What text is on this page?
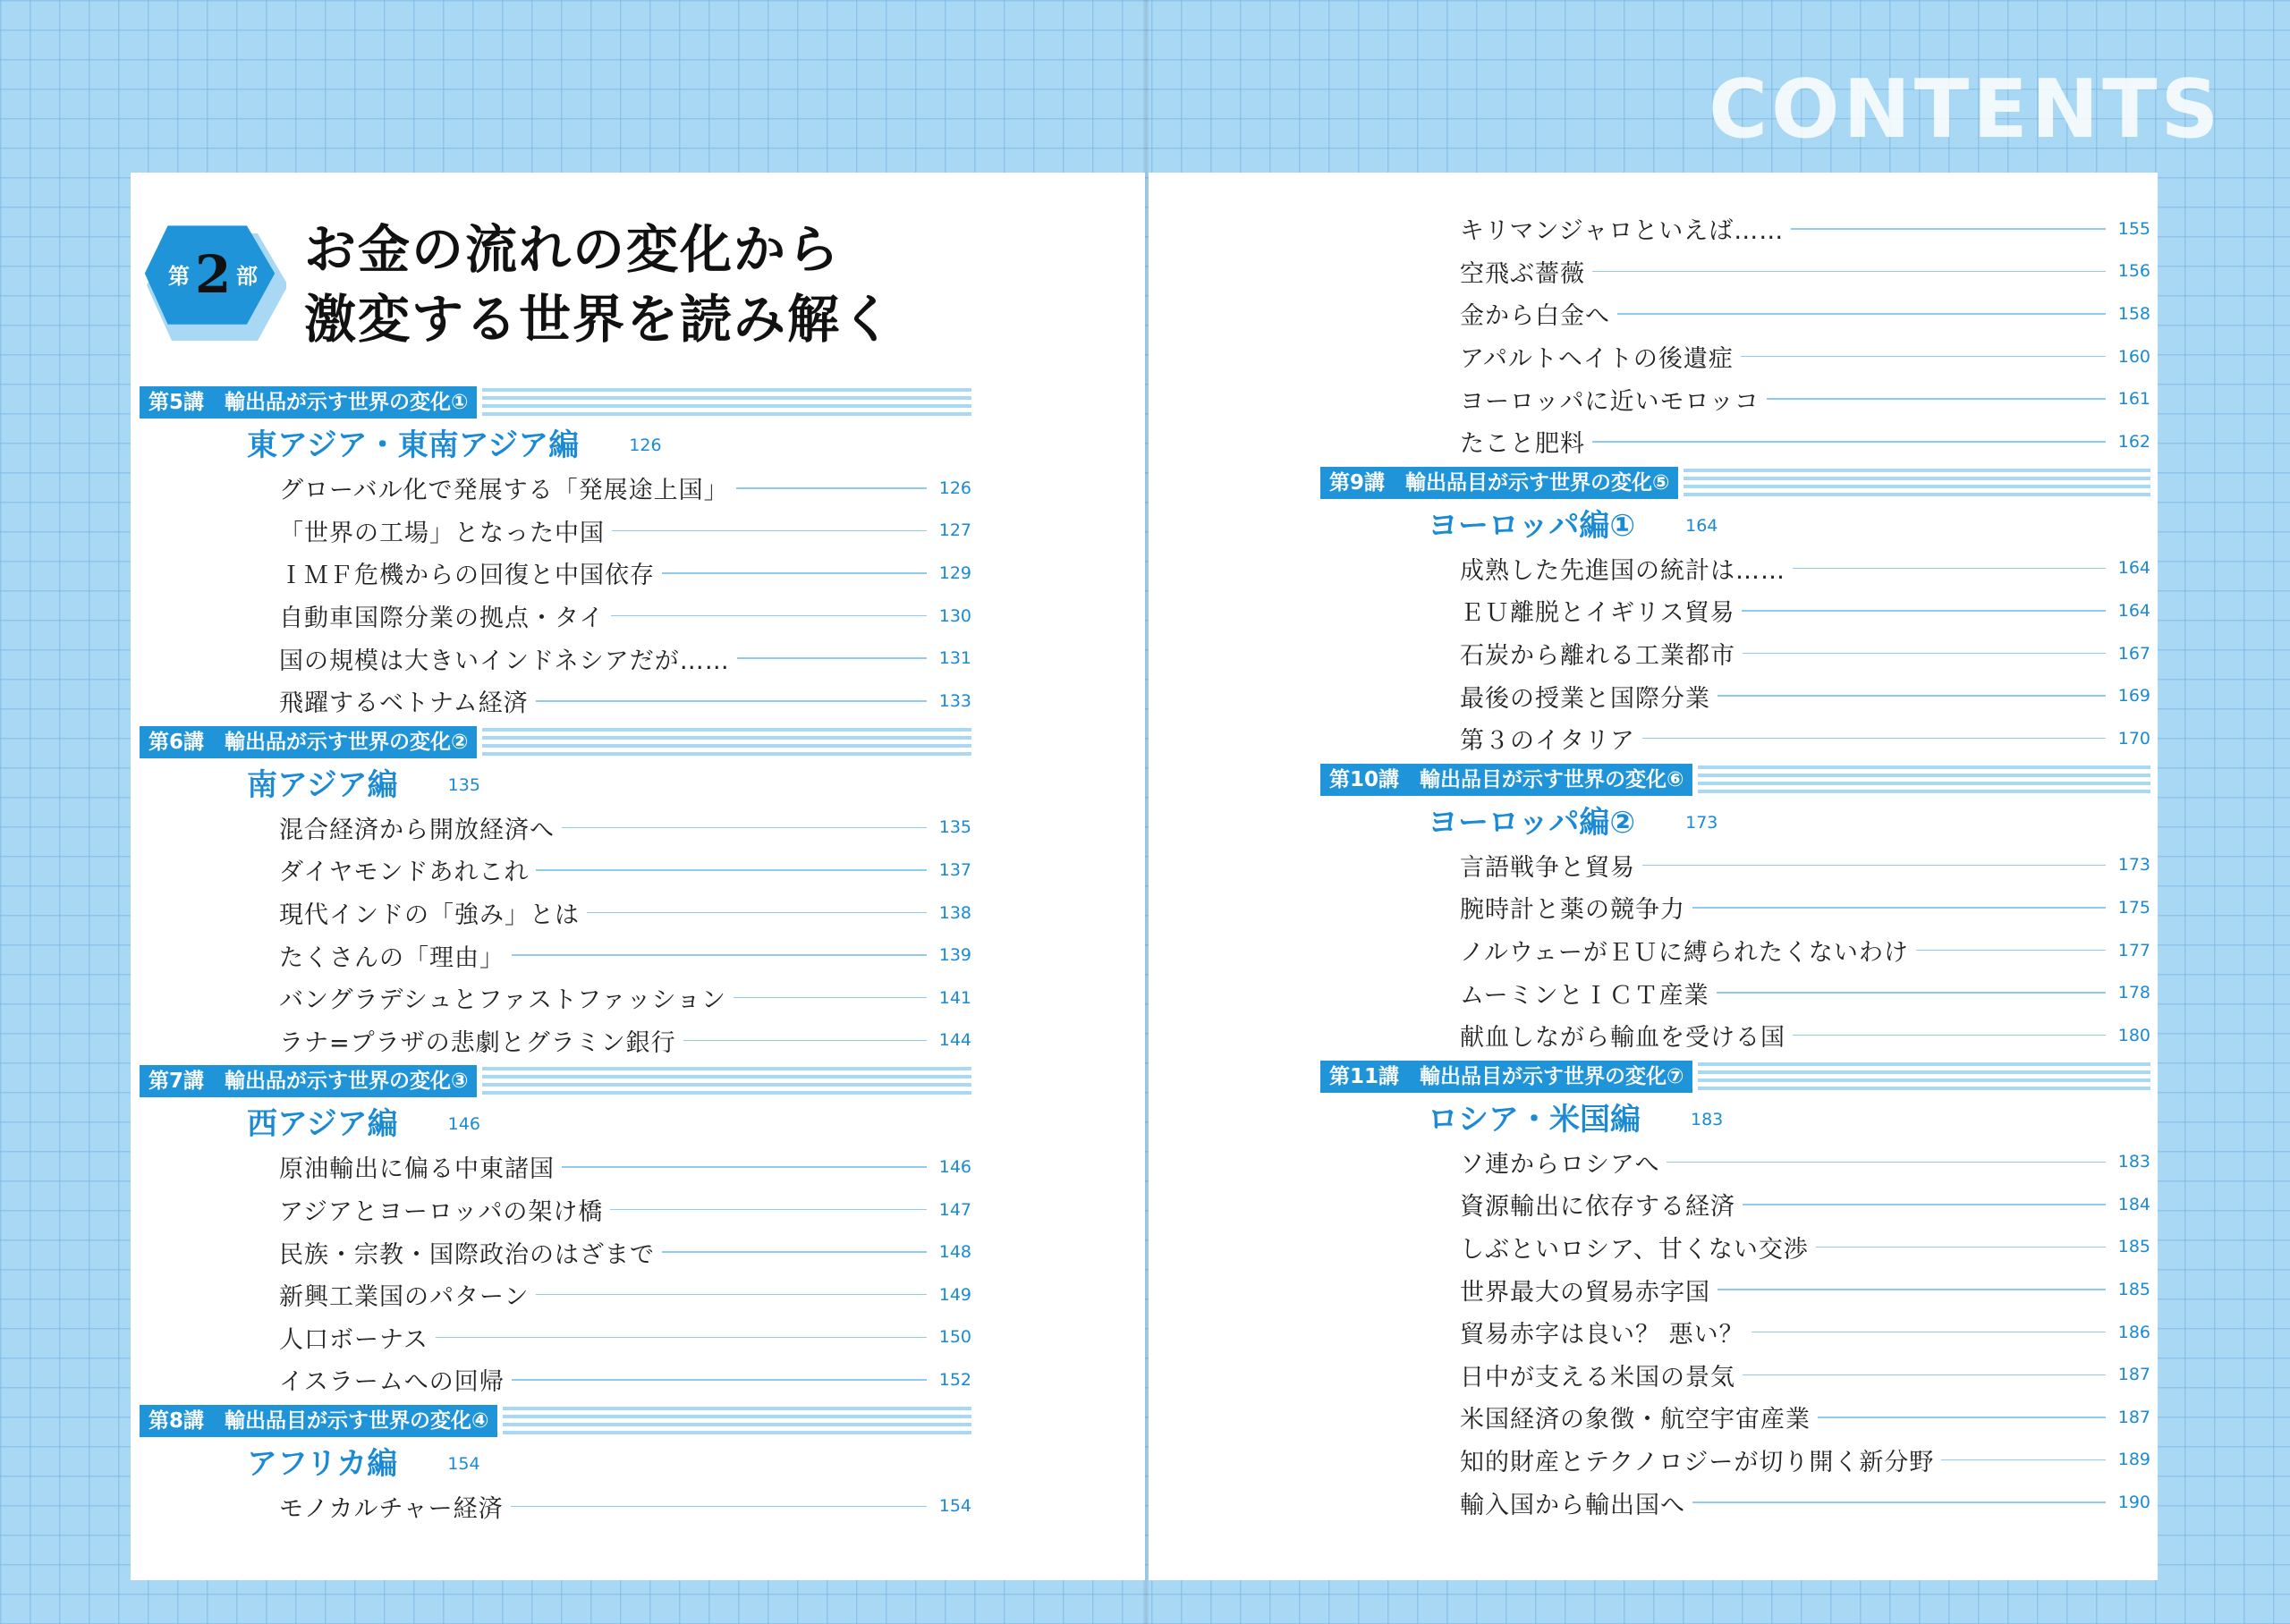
CONTENTS
第 2 部 お金の流れの変化から
激変する世界を読み解く
第5講　輸出品が示す世界の変化①
東アジア・東南アジア編	126
グローバル化で発展する「発展途上国」	126
「世界の工場」となった中国	127
ＩＭＦ危機からの回復と中国依存	129
自動車国際分業の拠点・タイ	130
国の規模は大きいインドネシアだが……	131
飛躍するベトナム経済	133
第6講　輸出品が示す世界の変化②
南アジア編	135
混合経済から開放経済へ	135
ダイヤモンドあれこれ	137
現代インドの「強み」とは	138
たくさんの「理由」	139
バングラデシュとファストファッション	141
ラナ=プラザの悲劇とグラミン銀行	144
第7講　輸出品が示す世界の変化③
西アジア編	146
原油輸出に偏る中東諸国	146
アジアとヨーロッパの架け橋	147
民族・宗教・国際政治のはざまで	148
新興工業国のパターン	149
人口ボーナス	150
イスラームへの回帰	152
第8講　輸出品目が示す世界の変化④
アフリカ編	154
モノカルチャー経済	154
キリマンジャロといえば……	155
空飛ぶ薔薇	156
金から白金へ	158
アパルトヘイトの後遺症	160
ヨーロッパに近いモロッコ	161
たこと肥料	162
第9講　輸出品目が示す世界の変化⑤
ヨーロッパ編①	164
成熟した先進国の統計は……	164
ＥＵ離脱とイギリス貿易	164
石炭から離れる工業都市	167
最後の授業と国際分業	169
第３のイタリア	170
第10講　輸出品目が示す世界の変化⑥
ヨーロッパ編②	173
言語戦争と貿易	173
腕時計と薬の競争力	175
ノルウェーがＥＵに縛られたくないわけ	177
ムーミンとＩＣＴ産業	178
献血しながら輸血を受ける国	180
第11講　輸出品目が示す世界の変化⑦
ロシア・米国編	183
ソ連からロシアへ	183
資源輸出に依存する経済	184
しぶといロシア、甘くない交渉	185
世界最大の貿易赤字国	185
貿易赤字は良い？ 悪い？	186
日中が支える米国の景気	187
米国経済の象徴・航空宇宙産業	187
知的財産とテクノロジーが切り開く新分野	189
輸入国から輸出国へ	190
